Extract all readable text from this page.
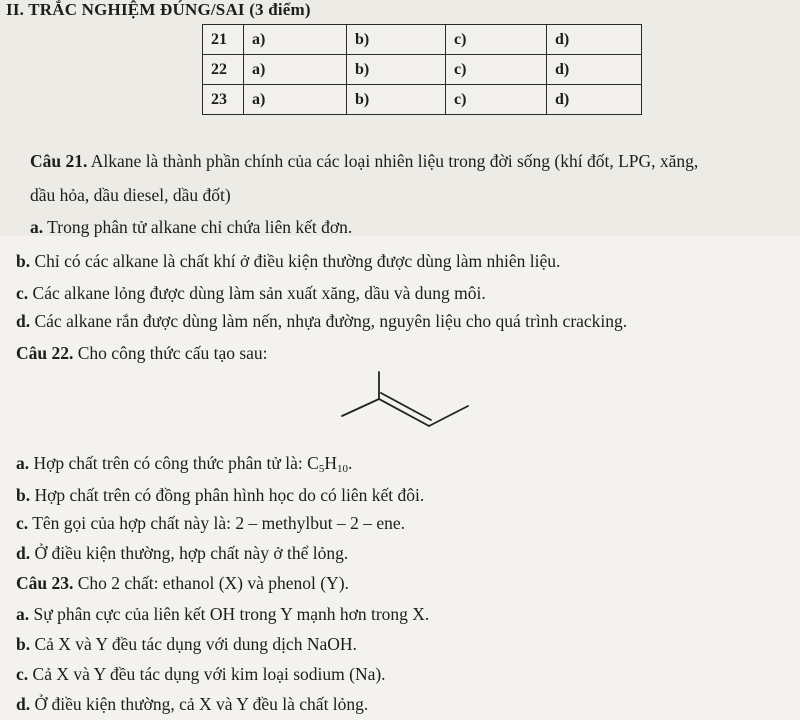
II. TRẮC NGHIỆM ĐÚNG/SAI (3 điểm)
21	a)	b)	c)	d)
22	a)	b)	c)	d)
23	a)	b)	c)	d)
Câu 21. Alkane là thành phần chính của các loại nhiên liệu trong đời sống (khí đốt, LPG, xăng,
dầu hỏa, dầu diesel, dầu đốt)
a. Trong phân tử alkane chỉ chứa liên kết đơn.
b. Chỉ có các alkane là chất khí ở điều kiện thường được dùng làm nhiên liệu.
c. Các alkane lỏng được dùng làm sản xuất xăng, dầu và dung môi.
d. Các alkane rắn được dùng làm nến, nhựa đường, nguyên liệu cho quá trình cracking.
Câu 22. Cho công thức cấu tạo sau:
a. Hợp chất trên có công thức phân tử là: $C_5H_{10}$.
b. Hợp chất trên có đồng phân hình học do có liên kết đôi.
c. Tên gọi của hợp chất này là: 2 – methylbut – 2 – ene.
d. Ở điều kiện thường, hợp chất này ở thể lỏng.
Câu 23. Cho 2 chất: ethanol (X) và phenol (Y).
a. Sự phân cực của liên kết OH trong Y mạnh hơn trong X.
b. Cả X và Y đều tác dụng với dung dịch NaOH.
c. Cả X và Y đều tác dụng với kim loại sodium (Na).
d. Ở điều kiện thường, cả X và Y đều là chất lỏng.
